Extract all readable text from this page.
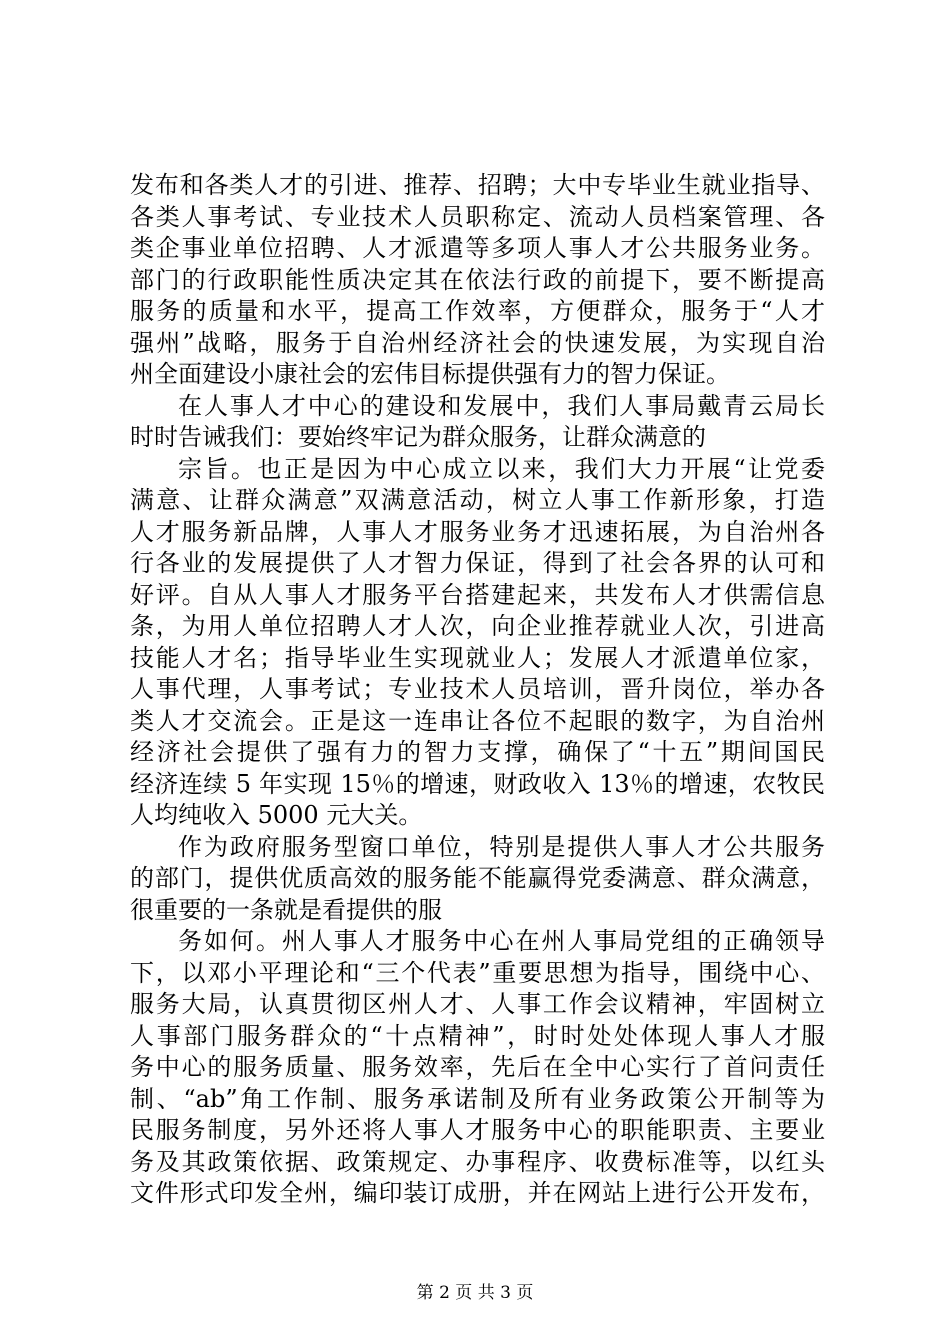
发布和各类人才的引进、推荐、招聘；大中专毕业生就业指导、
各类人事考试、专业技术人员职称定、流动人员档案管理、各
类企事业单位招聘、人才派遣等多项人事人才公共服务业务。
部门的行政职能性质决定其在依法行政的前提下，要不断提高
服务的质量和水平，提高工作效率，方便群众，服务于“人才
强州”战略，服务于自治州经济社会的快速发展，为实现自治
州全面建设小康社会的宏伟目标提供强有力的智力保证。
在人事人才中心的建设和发展中，我们人事局戴青云局长
时时告诫我们：要始终牢记为群众服务，让群众满意的
宗旨。也正是因为中心成立以来，我们大力开展“让党委
满意、让群众满意”双满意活动，树立人事工作新形象，打造
人才服务新品牌，人事人才服务业务才迅速拓展，为自治州各
行各业的发展提供了人才智力保证，得到了社会各界的认可和
好评。自从人事人才服务平台搭建起来，共发布人才供需信息
条，为用人单位招聘人才人次，向企业推荐就业人次，引进高
技能人才名；指导毕业生实现就业人；发展人才派遣单位家，
人事代理，人事考试；专业技术人员培训，晋升岗位，举办各
类人才交流会。正是这一连串让各位不起眼的数字，为自治州
经济社会提供了强有力的智力支撑，确保了“十五”期间国民
经济连续 5 年实现 15％的增速，财政收入 13％的增速，农牧民
人均纯收入 5000 元大关。
作为政府服务型窗口单位，特别是提供人事人才公共服务
的部门，提供优质高效的服务能不能赢得党委满意、群众满意，
很重要的一条就是看提供的服
务如何。州人事人才服务中心在州人事局党组的正确领导
下，以邓小平理论和“三个代表”重要思想为指导，围绕中心、
服务大局，认真贯彻区州人才、人事工作会议精神，牢固树立
人事部门服务群众的“十点精神”，时时处处体现人事人才服
务中心的服务质量、服务效率，先后在全中心实行了首问责任
制、“ab”角工作制、服务承诺制及所有业务政策公开制等为
民服务制度，另外还将人事人才服务中心的职能职责、主要业
务及其政策依据、政策规定、办事程序、收费标准等，以红头
文件形式印发全州，编印装订成册，并在网站上进行公开发布，
第 2 页 共 3 页
